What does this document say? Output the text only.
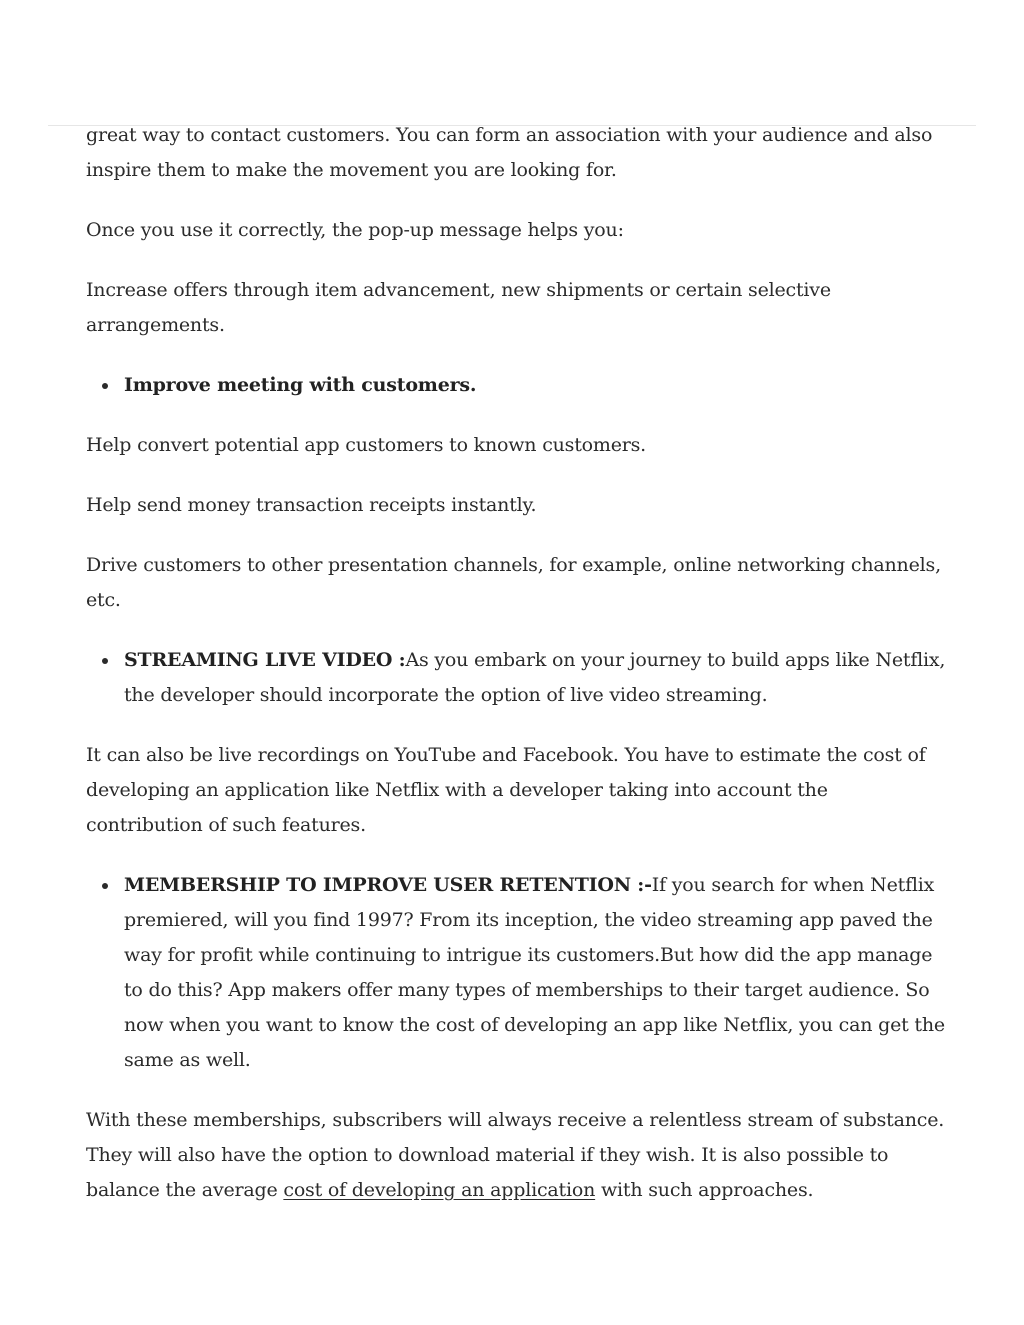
great way to contact customers. You can form an association with your audience and also inspire them to make the movement you are looking for.

Once you use it correctly, the pop-up message helps you:

Increase offers through item advancement, new shipments or certain selective arrangements.

Improve meeting with customers.

Help convert potential app customers to known customers.

Help send money transaction receipts instantly.

Drive customers to other presentation channels, for example, online networking channels, etc.

STREAMING LIVE VIDEO :As you embark on your journey to build apps like Netflix, the developer should incorporate the option of live video streaming.

It can also be live recordings on YouTube and Facebook. You have to estimate the cost of developing an application like Netflix with a developer taking into account the contribution of such features.

MEMBERSHIP TO IMPROVE USER RETENTION :-If you search for when Netflix premiered, will you find 1997? From its inception, the video streaming app paved the way for profit while continuing to intrigue its customers.But how did the app manage to do this? App makers offer many types of memberships to their target audience. So now when you want to know the cost of developing an app like Netflix, you can get the same as well.

With these memberships, subscribers will always receive a relentless stream of substance. They will also have the option to download material if they wish. It is also possible to balance the average cost of developing an application with such approaches.
